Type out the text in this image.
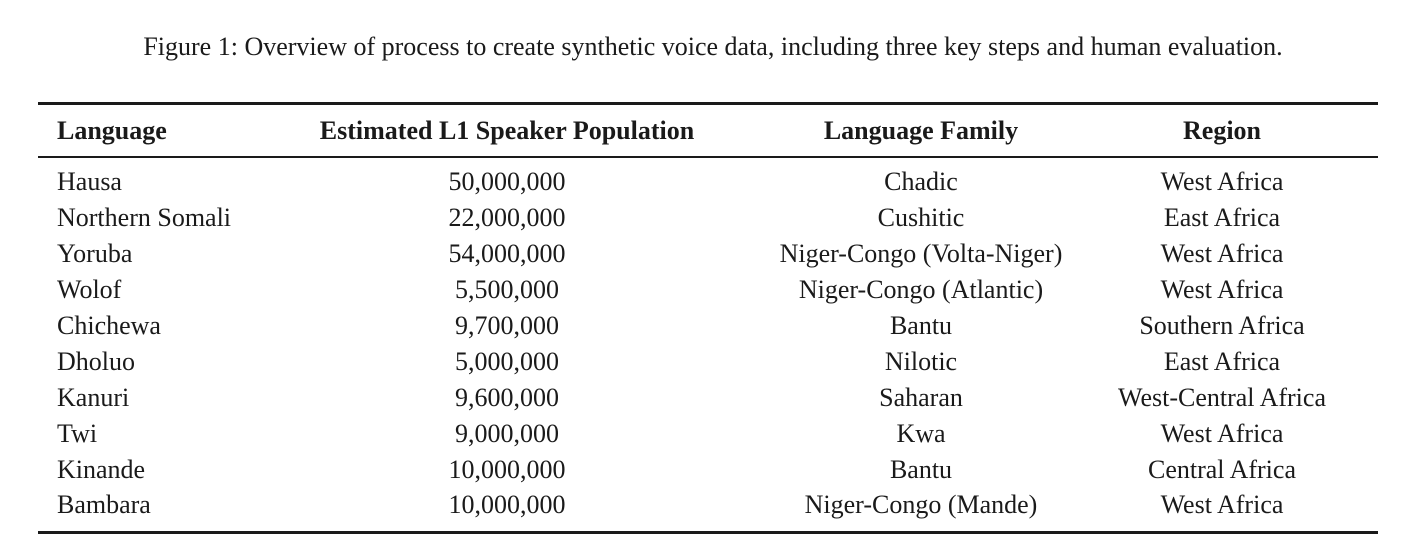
Figure 1: Overview of process to create synthetic voice data, including three key steps and human evaluation.
Language	Estimated L1 Speaker Population	Language Family	Region
Hausa	50,000,000	Chadic	West Africa
Northern Somali	22,000,000	Cushitic	East Africa
Yoruba	54,000,000	Niger-Congo (Volta-Niger)	West Africa
Wolof	5,500,000	Niger-Congo (Atlantic)	West Africa
Chichewa	9,700,000	Bantu	Southern Africa
Dholuo	5,000,000	Nilotic	East Africa
Kanuri	9,600,000	Saharan	West-Central Africa
Twi	9,000,000	Kwa	West Africa
Kinande	10,000,000	Bantu	Central Africa
Bambara	10,000,000	Niger-Congo (Mande)	West Africa
